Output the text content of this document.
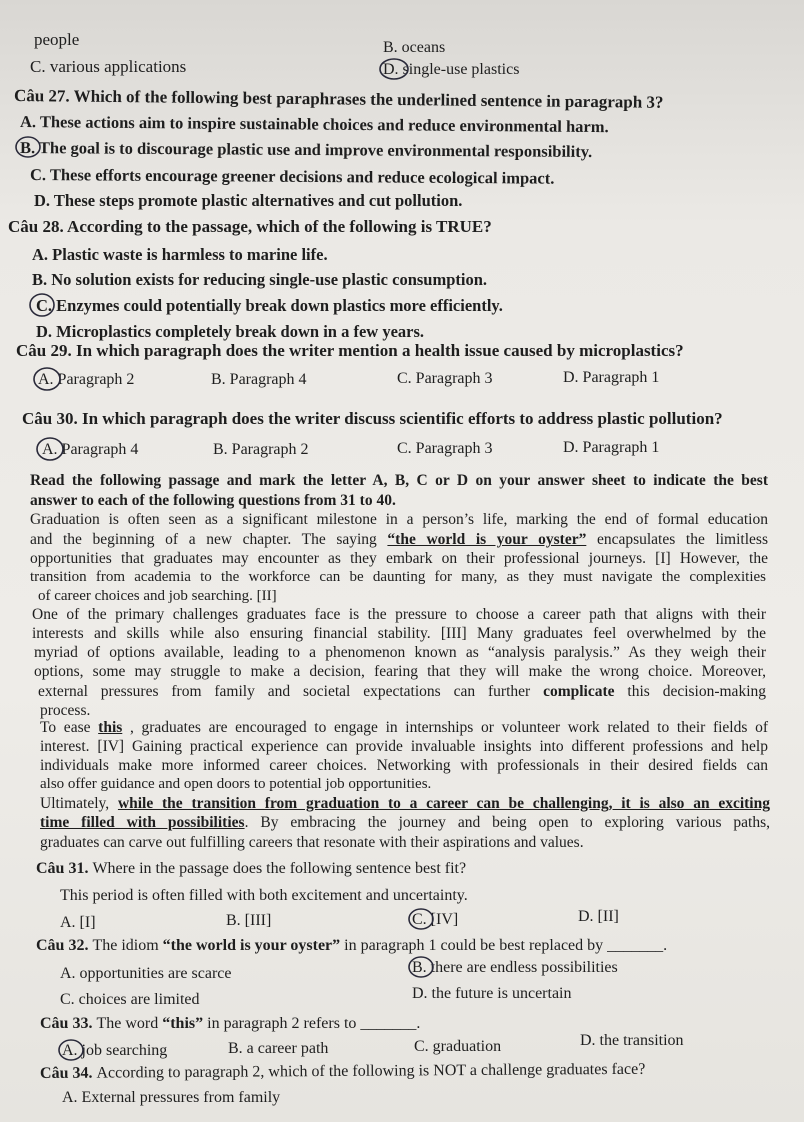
people	B. oceans
C. various applications	D. single-use plastics
Câu 27. Which of the following best paraphrases the underlined sentence in paragraph 3?
A. These actions aim to inspire sustainable choices and reduce environmental harm.
B. The goal is to discourage plastic use and improve environmental responsibility.
C. These efforts encourage greener decisions and reduce ecological impact.
D. These steps promote plastic alternatives and cut pollution.
Câu 28. According to the passage, which of the following is TRUE?
A. Plastic waste is harmless to marine life.
B. No solution exists for reducing single-use plastic consumption.
C. Enzymes could potentially break down plastics more efficiently.
D. Microplastics completely break down in a few years.
Câu 29. In which paragraph does the writer mention a health issue caused by microplastics?
A. Paragraph 2	B. Paragraph 4	C. Paragraph 3	D. Paragraph 1
Câu 30. In which paragraph does the writer discuss scientific efforts to address plastic pollution?
A. Paragraph 4	B. Paragraph 2	C. Paragraph 3	D. Paragraph 1
Read the following passage and mark the letter A, B, C or D on your answer sheet to indicate the best
answer to each of the following questions from 31 to 40.
Graduation is often seen as a significant milestone in a person’s life, marking the end of formal education
and the beginning of a new chapter. The saying “the world is your oyster” encapsulates the limitless
opportunities that graduates may encounter as they embark on their professional journeys. [I] However, the
transition from academia to the workforce can be daunting for many, as they must navigate the complexities
of career choices and job searching. [II]
One of the primary challenges graduates face is the pressure to choose a career path that aligns with their
interests and skills while also ensuring financial stability. [III] Many graduates feel overwhelmed by the
myriad of options available, leading to a phenomenon known as “analysis paralysis.” As they weigh their
options, some may struggle to make a decision, fearing that they will make the wrong choice. Moreover,
external pressures from family and societal expectations can further complicate this decision-making
process.
To ease this , graduates are encouraged to engage in internships or volunteer work related to their fields of
interest. [IV] Gaining practical experience can provide invaluable insights into different professions and help
individuals make more informed career choices. Networking with professionals in their desired fields can
also offer guidance and open doors to potential job opportunities.
Ultimately, while the transition from graduation to a career can be challenging, it is also an exciting
time filled with possibilities. By embracing the journey and being open to exploring various paths,
graduates can carve out fulfilling careers that resonate with their aspirations and values.
Câu 31. Where in the passage does the following sentence best fit?
This period is often filled with both excitement and uncertainty.
A. [I]	B. [III]	C. [IV]	D. [II]
Câu 32. The idiom “the world is your oyster” in paragraph 1 could be best replaced by _______.
A. opportunities are scarce	B. there are endless possibilities
C. choices are limited	D. the future is uncertain
Câu 33. The word “this” in paragraph 2 refers to _______.
A. job searching	B. a career path	C. graduation	D. the transition
Câu 34. According to paragraph 2, which of the following is NOT a challenge graduates face?
A. External pressures from family
